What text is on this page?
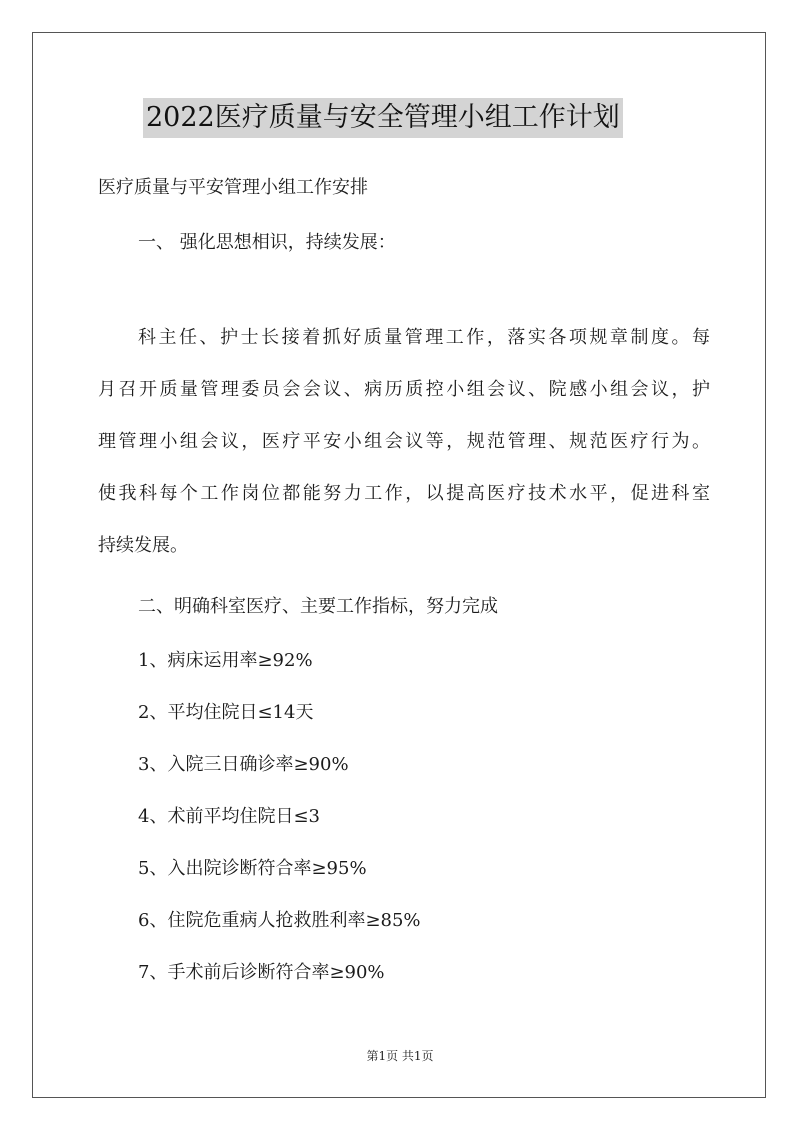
2022医疗质量与安全管理小组工作计划
医疗质量与平安管理小组工作安排
一、 强化思想相识，持续发展：
科主任、护士长接着抓好质量管理工作，落实各项规章制度。每
月召开质量管理委员会会议、病历质控小组会议、院感小组会议，护
理管理小组会议，医疗平安小组会议等，规范管理、规范医疗行为。
使我科每个工作岗位都能努力工作，以提高医疗技术水平，促进科室
持续发展。
二、明确科室医疗、主要工作指标，努力完成
1、病床运用率≥92%
2、平均住院日≤14天
3、入院三日确诊率≥90%
4、术前平均住院日≤3
5、入出院诊断符合率≥95%
6、住院危重病人抢救胜利率≥85%
7、手术前后诊断符合率≥90%
第1页 共1页
